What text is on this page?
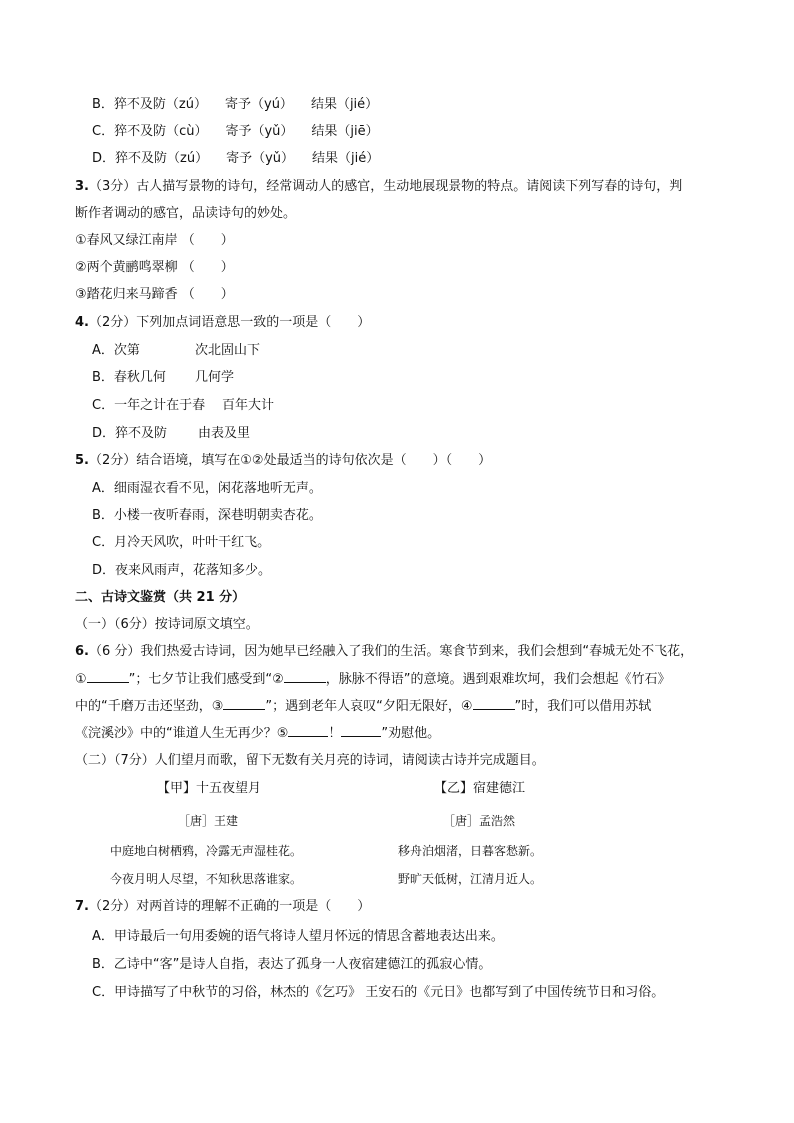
B．猝不及防（zú） 寄予（yú） 结果（jié）
C．猝不及防（cù） 寄予（yǔ） 结果（jiē）
D．猝不及防（zú） 寄予（yǔ） 结果（jié）
3.（3分）古人描写景物的诗句，经常调动人的感官，生动地展现景物的特点。请阅读下列写春的诗句，判
断作者调动的感官，品读诗句的妙处。
①春风又绿江南岸 （　　）
②两个黄鹂鸣翠柳 （　　）
③踏花归来马蹄香 （　　）
4.（2分）下列加点词语意思一致的一项是（　　）
A．次第	次北固山下
B．春秋几何 几何学
C．一年之计在于春 百年大计
D．猝不及防 由表及里
5.（2分）结合语境，填写在①②处最适当的诗句依次是（　　）（　　）
A．细雨湿衣看不见，闲花落地听无声。
B．小楼一夜听春雨，深巷明朝卖杏花。
C．月冷天风吹，叶叶干红飞。
D．夜来风雨声，花落知多少。
二、古诗文鉴赏（共 21 分）
（一）（6分）按诗词原文填空。
6.（6 分）我们热爱古诗词，因为她早已经融入了我们的生活。寒食节到来，我们会想到“春城无处不飞花，
①	”；七夕节让我们感受到“②	，脉脉不得语”的意境。遇到艰难坎坷，我们会想起《竹石》
中的“千磨万击还坚劲，③	”；遇到老年人哀叹“夕阳无限好，④	”时，我们可以借用苏轼
《浣溪沙》中的“谁道人生无再少？⑤	！	”劝慰他。
（二）（7分）人们望月而歌，留下无数有关月亮的诗词，请阅读古诗并完成题目。
【甲】十五夜望月	【乙】宿建德江
［唐］王建	［唐］孟浩然
中庭地白树栖鸦，冷露无声湿桂花。	移舟泊烟渚，日暮客愁新。
今夜月明人尽望，不知秋思落谁家。	野旷天低树，江清月近人。
7.（2分）对两首诗的理解不正确的一项是（　　）
A．甲诗最后一句用委婉的语气将诗人望月怀远的情思含蓄地表达出来。
B．乙诗中“客”是诗人自指，表达了孤身一人夜宿建德江的孤寂心情。
C．甲诗描写了中秋节的习俗，林杰的《乞巧》 王安石的《元日》也都写到了中国传统节日和习俗。
